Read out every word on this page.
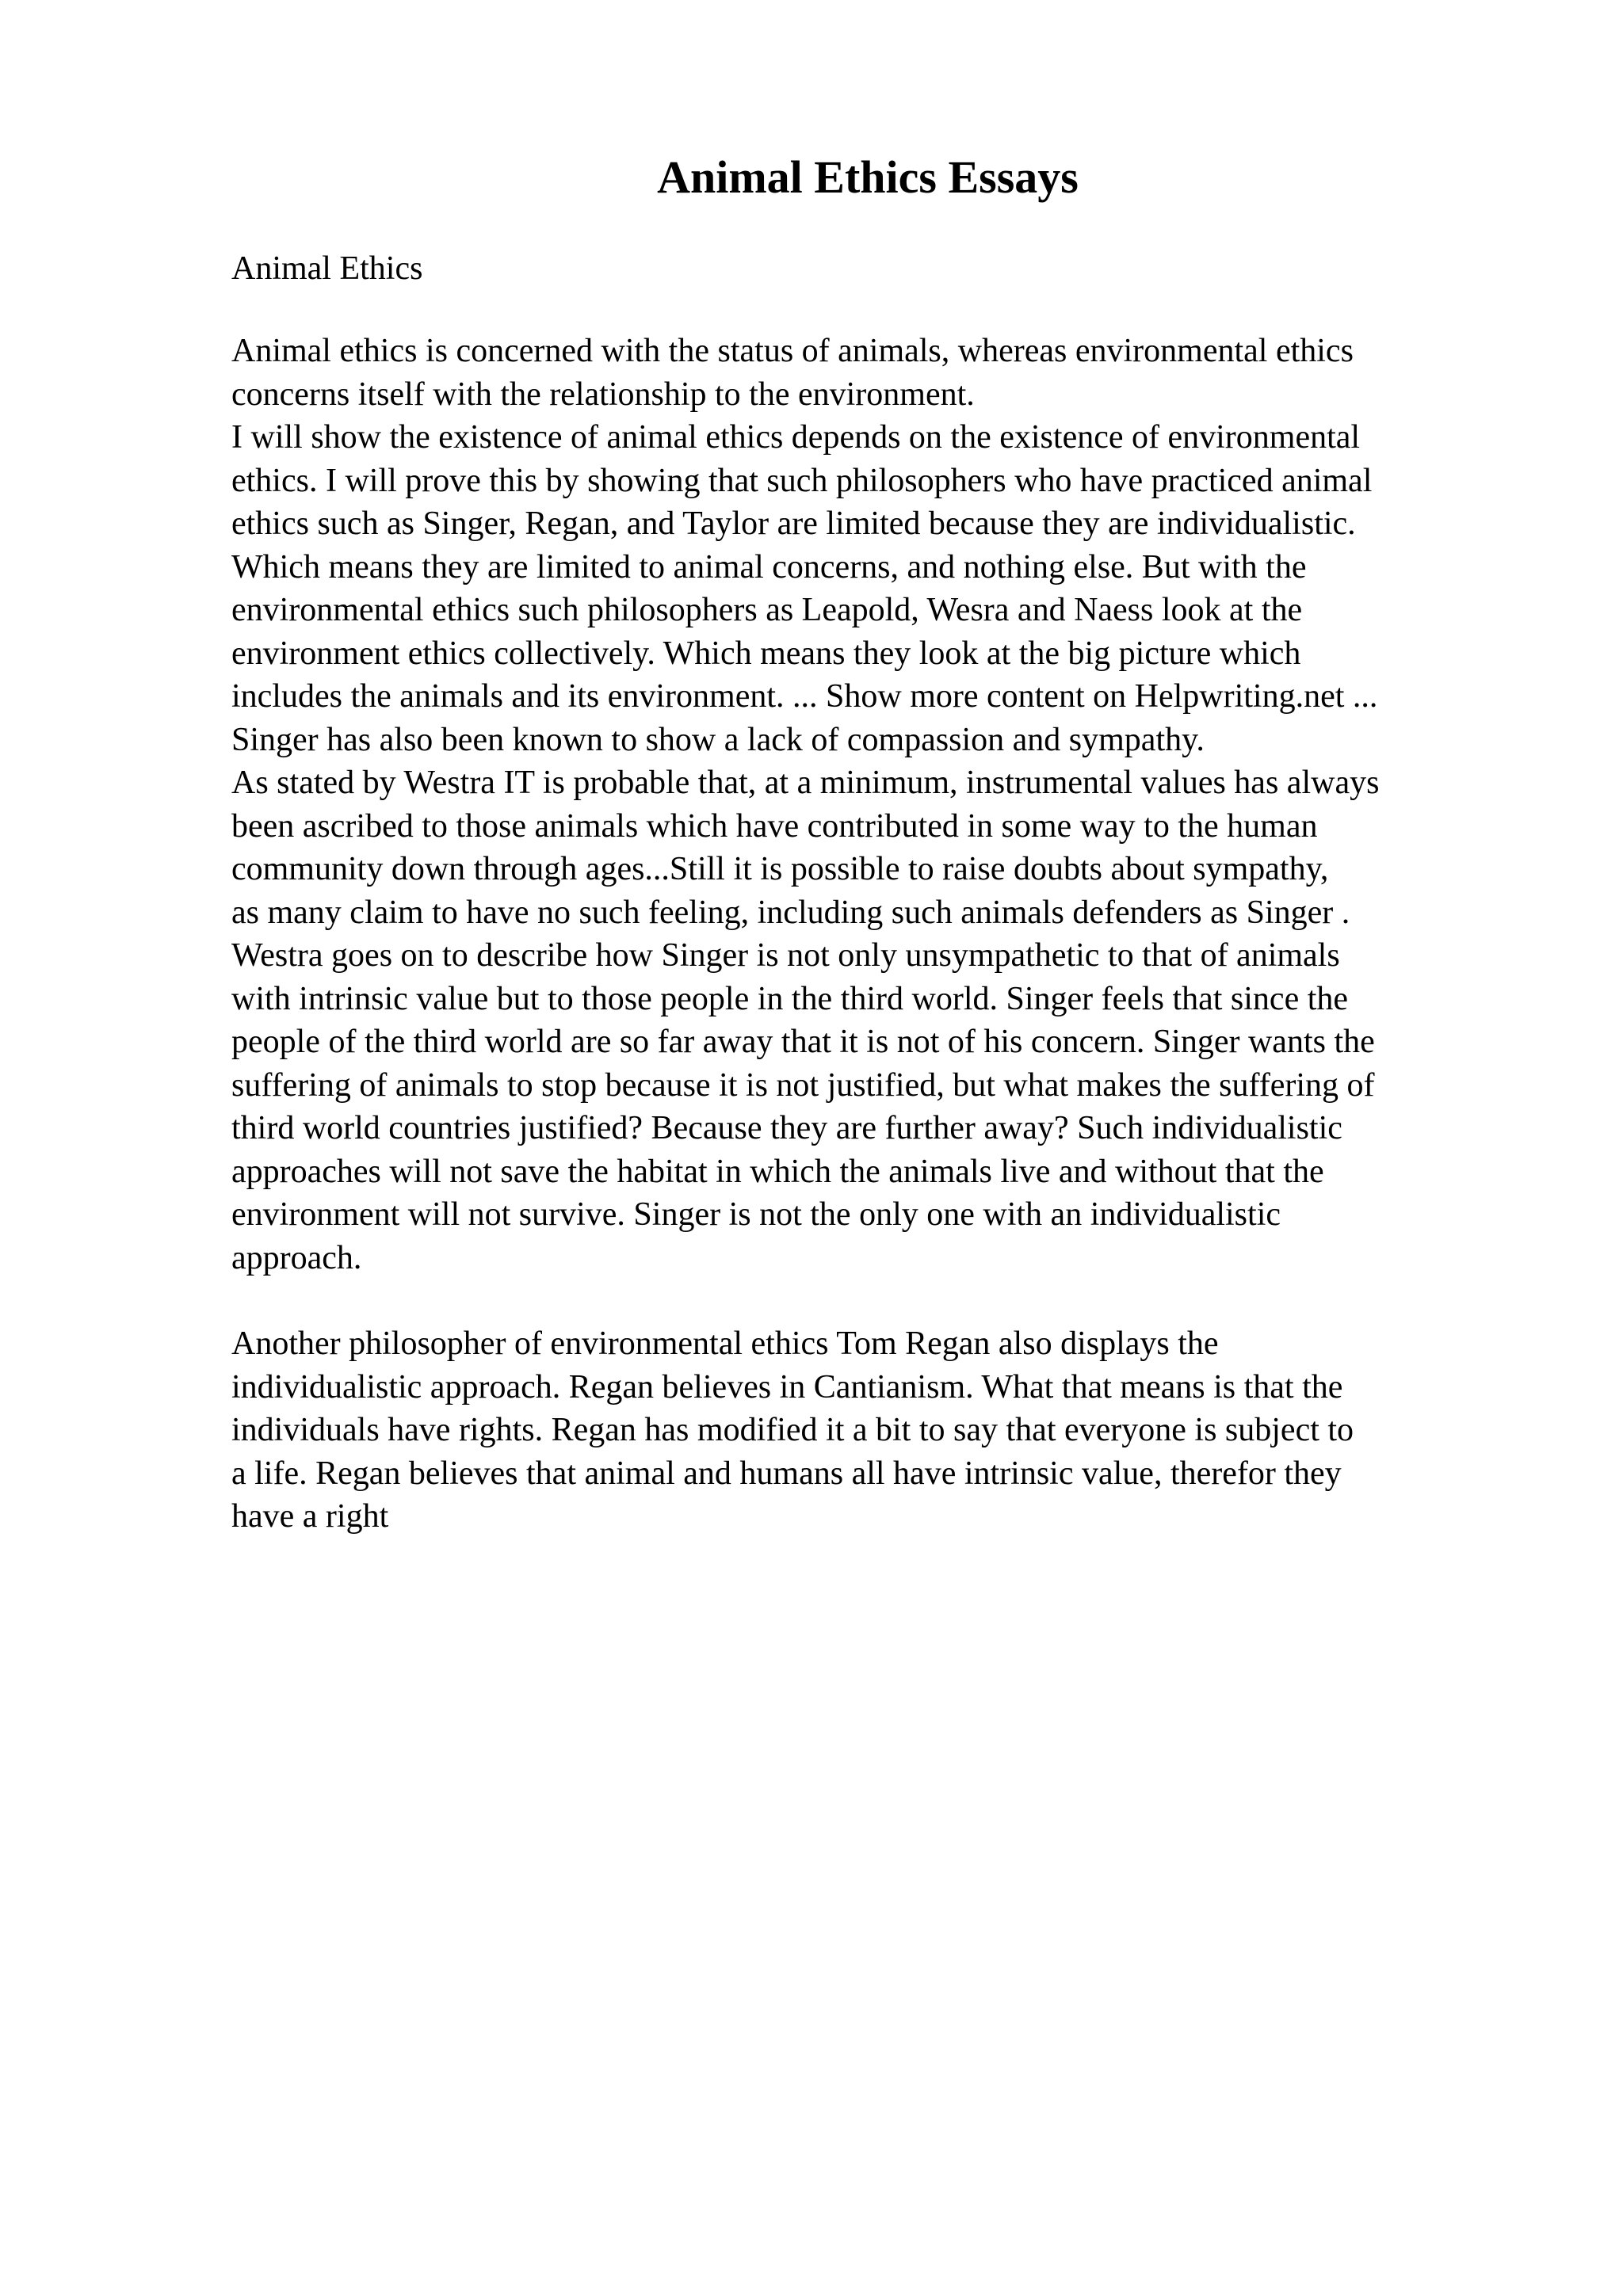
Animal Ethics Essays

Animal Ethics

Animal ethics is concerned with the status of animals, whereas environmental ethics
concerns itself with the relationship to the environment.
I will show the existence of animal ethics depends on the existence of environmental
ethics. I will prove this by showing that such philosophers who have practiced animal
ethics such as Singer, Regan, and Taylor are limited because they are individualistic.
Which means they are limited to animal concerns, and nothing else. But with the
environmental ethics such philosophers as Leapold, Wesra and Naess look at the
environment ethics collectively. Which means they look at the big picture which
includes the animals and its environment. ... Show more content on Helpwriting.net ...
Singer has also been known to show a lack of compassion and sympathy.
As stated by Westra IT is probable that, at a minimum, instrumental values has always
been ascribed to those animals which have contributed in some way to the human
community down through ages...Still it is possible to raise doubts about sympathy,
as many claim to have no such feeling, including such animals defenders as Singer .
Westra goes on to describe how Singer is not only unsympathetic to that of animals
with intrinsic value but to those people in the third world. Singer feels that since the
people of the third world are so far away that it is not of his concern. Singer wants the
suffering of animals to stop because it is not justified, but what makes the suffering of
third world countries justified? Because they are further away? Such individualistic
approaches will not save the habitat in which the animals live and without that the
environment will not survive. Singer is not the only one with an individualistic
approach.
Another philosopher of environmental ethics Tom Regan also displays the
individualistic approach. Regan believes in Cantianism. What that means is that the
individuals have rights. Regan has modified it a bit to say that everyone is subject to
a life. Regan believes that animal and humans all have intrinsic value, therefor they
have a right
